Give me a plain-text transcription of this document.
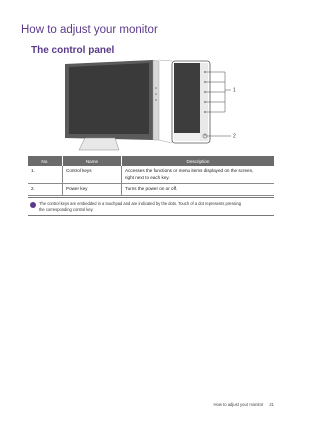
How to adjust your monitor
The control panel
1
2
No.	Name	Description
1.	Control keys	Accesses the functions or menu items displayed on the screen,
right next to each key.

2.	Power key	Turns the power on or off.
The control keys are embedded in a touchpad and are indicated by the dots. Touch of a dot represents pressing
the corresponding control key.
How to adjust your monitor 21
